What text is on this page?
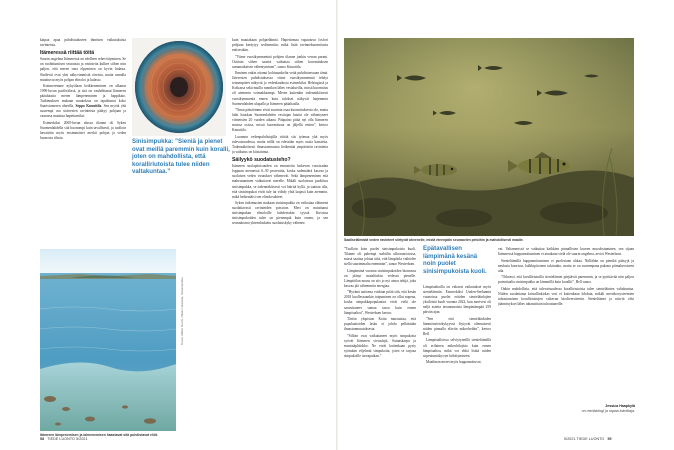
kaipaa apua puhdistuakseen ihmisten vaikutuksista ravinteista.

Itämeressä riittää töitä

Suurin ongelma Itämeressä on edelleen rehevöityminen. Se on ruohittumisen seurausta ja ravinteita kulkee siihen niin paljon, että meren oma elpyminen on hyvin hidasta. Sinilevät ovat yksi näkyvimmistä oireista, mutta samalla muuttuvat myös pohjan elinolot ja kalasto.

Kotimeremme nykytilaan heikkeneminen on alkanut 1990-luvun puolivälissä, ja sitä on vauhdittanut Itämeren pääaltaasta meren lämpeneminen ja happikato. Tutkimuksen mukaan muutoksia on tapahtunut koko Saaristomeren alueella, Seppo Knuuttila. Sen myötä yhä suurempi osa sisävesien ravinteista päätyy pohjaan ja vaarassa muuttua hapettomiksi.

Esimerkiksi 2000-luvun alussa tilanne oli Syken Suomenlahdella sitä huonompi kuin tavallisesti, ja tuolloin havaittiin myös ensimmäiset merkit pohjan ja veden huonosta tilasta.	Sinisimpukka: ”Sieniä ja pienet ovat meillä paremmin kuin koralli, joten on mahdollista, että koralliriutoista tulee niiden valtakuntaa.”

kuin muutakaan pohjaeläimiä. Hapettomaa vapautuva fosfori pohjaan keräytyy sedimentiin, mikä lisää ravinnekuormitusta entisestään.

”Viime vuosikymmeninä pohjien tilanne jonkin verran parani. Osittain siihen saattoi vaikuttaa siihen kuormituksen samanaikaisen vähentyminen”, sanoo Knuuttila.

Ihminen onkin ottanut kohtuuaskelta vettä puhdistaessaan tämä. Jätevesien puhdistuksessa viime vuosikymmeninä tehdyt toimenpiteet näkyvät jo vedenlaadussa esimerkiksi Helsingissä ja Kotkassa sekä muilla rannikon lähes vesialueilla, missä kuormitus oli aiemmin voimakkaampi. Meren kuitenkin todennäköisesti vuosikymmeniä ennen kuin tulokset näkyvät laajemmin Suomenlahden ulapalla ja Itämeren pääaltaalla.

”Omat päästömme eivät suurinta osaa kuormituksesta ole, mutta lahti haaskuu Suomenlahden vesirajan kautta ole vähentyneet viimeisten 20 vuoden aikana. Pääpaino pitää nyt olla Itämeren muissa osissa, missä kuormitusta on jäljellä eniten”, kertoo Knuuttila.

Luonnon vedenpuhdistajilla riittää siis työmaa yhä myös tulevaisuudessa, mutta niillä on edessään myös uusia haasteita. Todennäköisesti ilmastonmuutos heikentää ympäristön ravinteita ja vaikutus on kiistatonta.

Säilyykö suodatusteho?

Itämeren suolapitoisuuden on ennustettu laskevan vuosisadan loppuun mennessä 6–30 prosenttia, koska sademäärä kasvaa ja suolaisen veden virtaukset vähenevät. Sekä lämpeneminen että makeutuminen vaikuttavat merelle. Mikäli suolaisuus puolittuu sinisimpukka, se todennäköisesti voi häiritä kyllä, ja saattaa olla, että sinisimpukat eivät tule tai viihdy yhtä laajasti kuin aiemmin, mikä heikentäisi sen elinolosuhteet.

Syken tutkimusten mukaan sinisimpukka on vaikuttaa eläimenä suodattavasti ravinteiden poistoon. Meri on muuttunut sinisimpukan elinoloille kahdestakin syystä. Kuvassa sinisimpukoiden tulee on pienempiä kuin ennen, ja sen seurauksena yhteenlaskettu suodatuskyky vähenee.

Itämeren lämpenemisen ja laimenemisen haastavat sitä puhdistavat eliöt.
Kuvat: Mikko Nurmi, Niksic Haapiala, Sinisimpukka
58 TIEDE LUONTO 5/2021
Saaliseläimistä veden ravinteet siirtyvät ahvenelle, mistä eteenpäin seuraavien petoihin ja mahdollisesti maalle.

”Tuolloin koin puolet sinisimpukoista kuoli. Tilanne oli pahempi stabiilin ulkosaaristossa, missä saattaa johtua siitä, että lämpötila vaihtelee siellä suurimmalta enemmän”, sanoo Westerbom.

Lämpimänä vuosina sinisimpukoiden biomassa on jäänyt mataliinkin vedessä pienelle. Lämpötilan nousu on siis jo nyt ainoa tekijä, joka kasvaa jää vähemmiin energiaa.

”Hyvänä uutisena voidaan pitää sitä, että kesän 2018 kuollessaankin toipuminen on ollut nopeaa, koska simpukkapopulaatiot eivät vielä ole saavuttaneet samaa tasoa kuin ennen lämpöaaltoa”, Westerbom kertoo.

Tärtön ylopiston Kotta muistuttaa, että populaatioiden lasku ei johdu pelkästään ilmastonmuutoksesta.

”Silloin ovat vaikuttaneet myös simpukoita syövät Itämeren vieraslajit, Suinaskarpu ja mustatäplätokko. Ne eivät kuitenkaan pysty syömään viljelmät simpukoita, joten se tarjoaa simpukoille turvapaikan.”

Epätavallisen lämpimänä kesänä noin puolet sinisimpukoista kuoli.

Lämpöaaltoilla on vakavat vaikutukset myös sienieläimiin. Esimerkiksi Uuden-Seelannin vuonoissa puolet eräiden sienieläinlajien yksilöistä kuoli vuonna 2022, kun merivesi oli neljä astetta tavanomaista lämpimämpää 259 päivän ajan.

”Sen että sienieläinkiden lämmönsietokykyyssä löytyvät olennaisesti niiden pinnalla eläviin mikrobeihin”, kertoo Bell.

Lämpöaalloissa selviytyneillä sienieläimillä oli erilainen mikrobilajisto kuin ennen lämpöaaltoa, mikä voi ehkä lisätä niiden sopeutumiskyvyn kehittymiseen.

Maailman meret myös happamoituvat.

vat. Valtamerissä se vaikuttaa kaikkien pinnallisten kuoren muodostaminen, sen sijaan Itämeressä happamoituminen ei ainakaan vielä ole suurin ongelma, arvioi Westerbom.

Sienieläimillä happamoituminen ei puolestaan uhkaa. Niillähän on pienikä pääsyjä ja neulasta kuorissa, kalkkipitoinen tukirunko, mutta se on suurempana pakona piimakeroiseen aila.

”Oikeasti, että koralliriutoilla sienieläimet pärjäävät paremmin, ja se pyrittävää niin paljon potentiaalia sinisimpukka on lämmöllä kuin korallit”, Bell sanoo.

Onkin mahdollista, että tulevaisuudessa koralliriutoista tulee sienieläinten valtakuntaa. Niiden suodattama kristallinkirkas vesi ei kuitenkaan lohduta, mikäli meriekosysteemien tuhoutuminen koralliriuttojen valtavan biodiversiteetin. Sienieläimet ja niin-tä olisi jäännösykset lähes tuhansittain tuhoutuneille.

Jessica Haapkylä
on meribiologi ja vapaa toimittaja.
5/2021 TIEDE LUONTO 59
